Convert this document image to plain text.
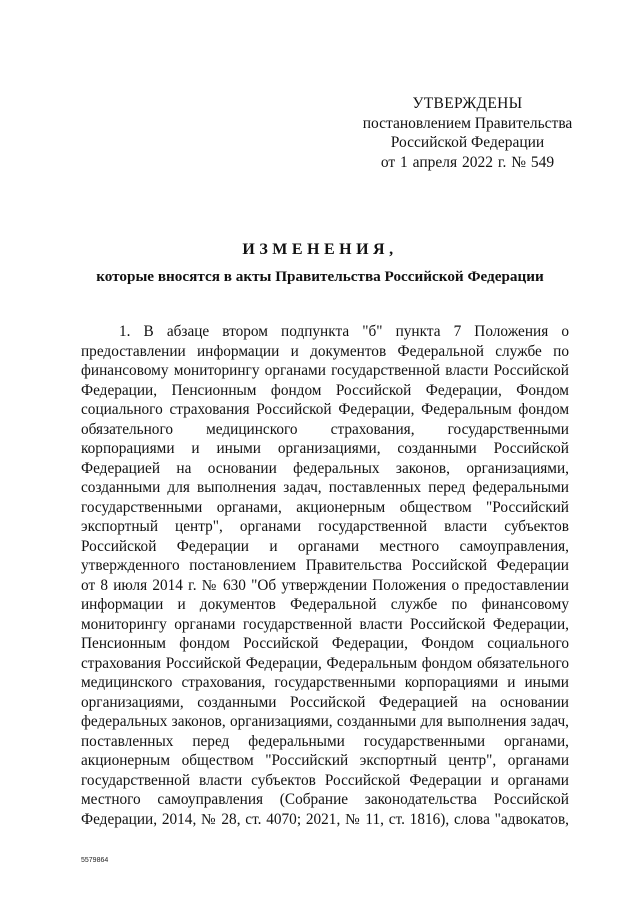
УТВЕРЖДЕНЫ
постановлением Правительства
Российской Федерации
от 1 апреля 2022 г. № 549
ИЗМЕНЕНИЯ,
которые вносятся в акты Правительства Российской Федерации
1. В абзаце втором подпункта "б" пункта 7 Положения о
предоставлении информации и документов Федеральной службе по
финансовому мониторингу органами государственной власти Российской
Федерации, Пенсионным фондом Российской Федерации, Фондом
социального страхования Российской Федерации, Федеральным фондом
обязательного медицинского страхования, государственными
корпорациями и иными организациями, созданными Российской
Федерацией на основании федеральных законов, организациями,
созданными для выполнения задач, поставленных перед федеральными
государственными органами, акционерным обществом "Российский
экспортный центр", органами государственной власти субъектов
Российской Федерации и органами местного самоуправления,
утвержденного постановлением Правительства Российской Федерации
от 8 июля 2014 г. № 630 "Об утверждении Положения о предоставлении
информации и документов Федеральной службе по финансовому
мониторингу органами государственной власти Российской Федерации,
Пенсионным фондом Российской Федерации, Фондом социального
страхования Российской Федерации, Федеральным фондом обязательного
медицинского страхования, государственными корпорациями и иными
организациями, созданными Российской Федерацией на основании
федеральных законов, организациями, созданными для выполнения задач,
поставленных перед федеральными государственными органами,
акционерным обществом "Российский экспортный центр", органами
государственной власти субъектов Российской Федерации и органами
местного самоуправления (Собрание законодательства Российской
Федерации, 2014, № 28, ст. 4070; 2021, № 11, ст. 1816), слова "адвокатов,
5579864
